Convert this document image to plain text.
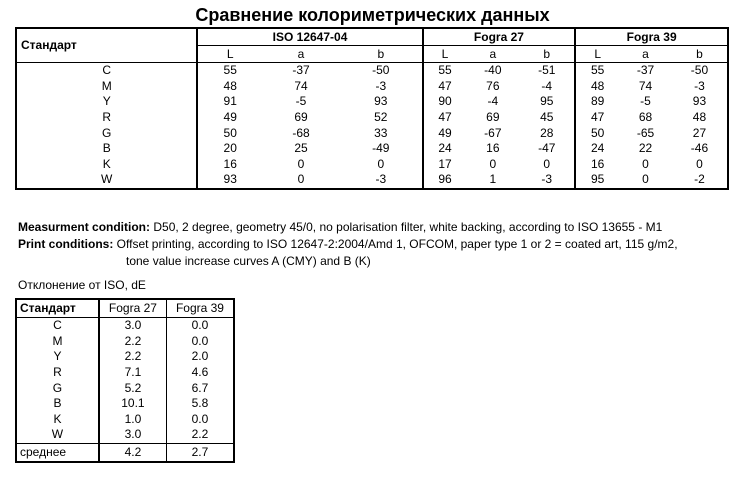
Сравнение колориметрических данных
Стандарт	ISO 12647-04			Fogra 27			Fogra 39		
	L	a	b	L	a	b	L	a	b
C	55	-37	-50	55	-40	-51	55	-37	-50
M	48	74	-3	47	76	-4	48	74	-3
Y	91	-5	93	90	-4	95	89	-5	93
R	49	69	52	47	69	45	47	68	48
G	50	-68	33	49	-67	28	50	-65	27
B	20	25	-49	24	16	-47	24	22	-46
K	16	0	0	17	0	0	16	0	0
W	93	0	-3	96	1	-3	95	0	-2
Measurment condition: D50, 2 degree, geometry 45/0, no polarisation filter, white backing, according to ISO 13655 - M1
Print conditions: Offset printing, according to ISO 12647-2:2004/Amd 1, OFCOM, paper type 1 or 2 = coated art, 115 g/m2,
tone value increase curves A (CMY) and B (K)
Отклонение от ISO, dE
Стандарт	Fogra 27	Fogra 39
C	3.0	0.0
M	2.2	0.0
Y	2.2	2.0
R	7.1	4.6
G	5.2	6.7
B	10.1	5.8
K	1.0	0.0
W	3.0	2.2
среднее	4.2	2.7
